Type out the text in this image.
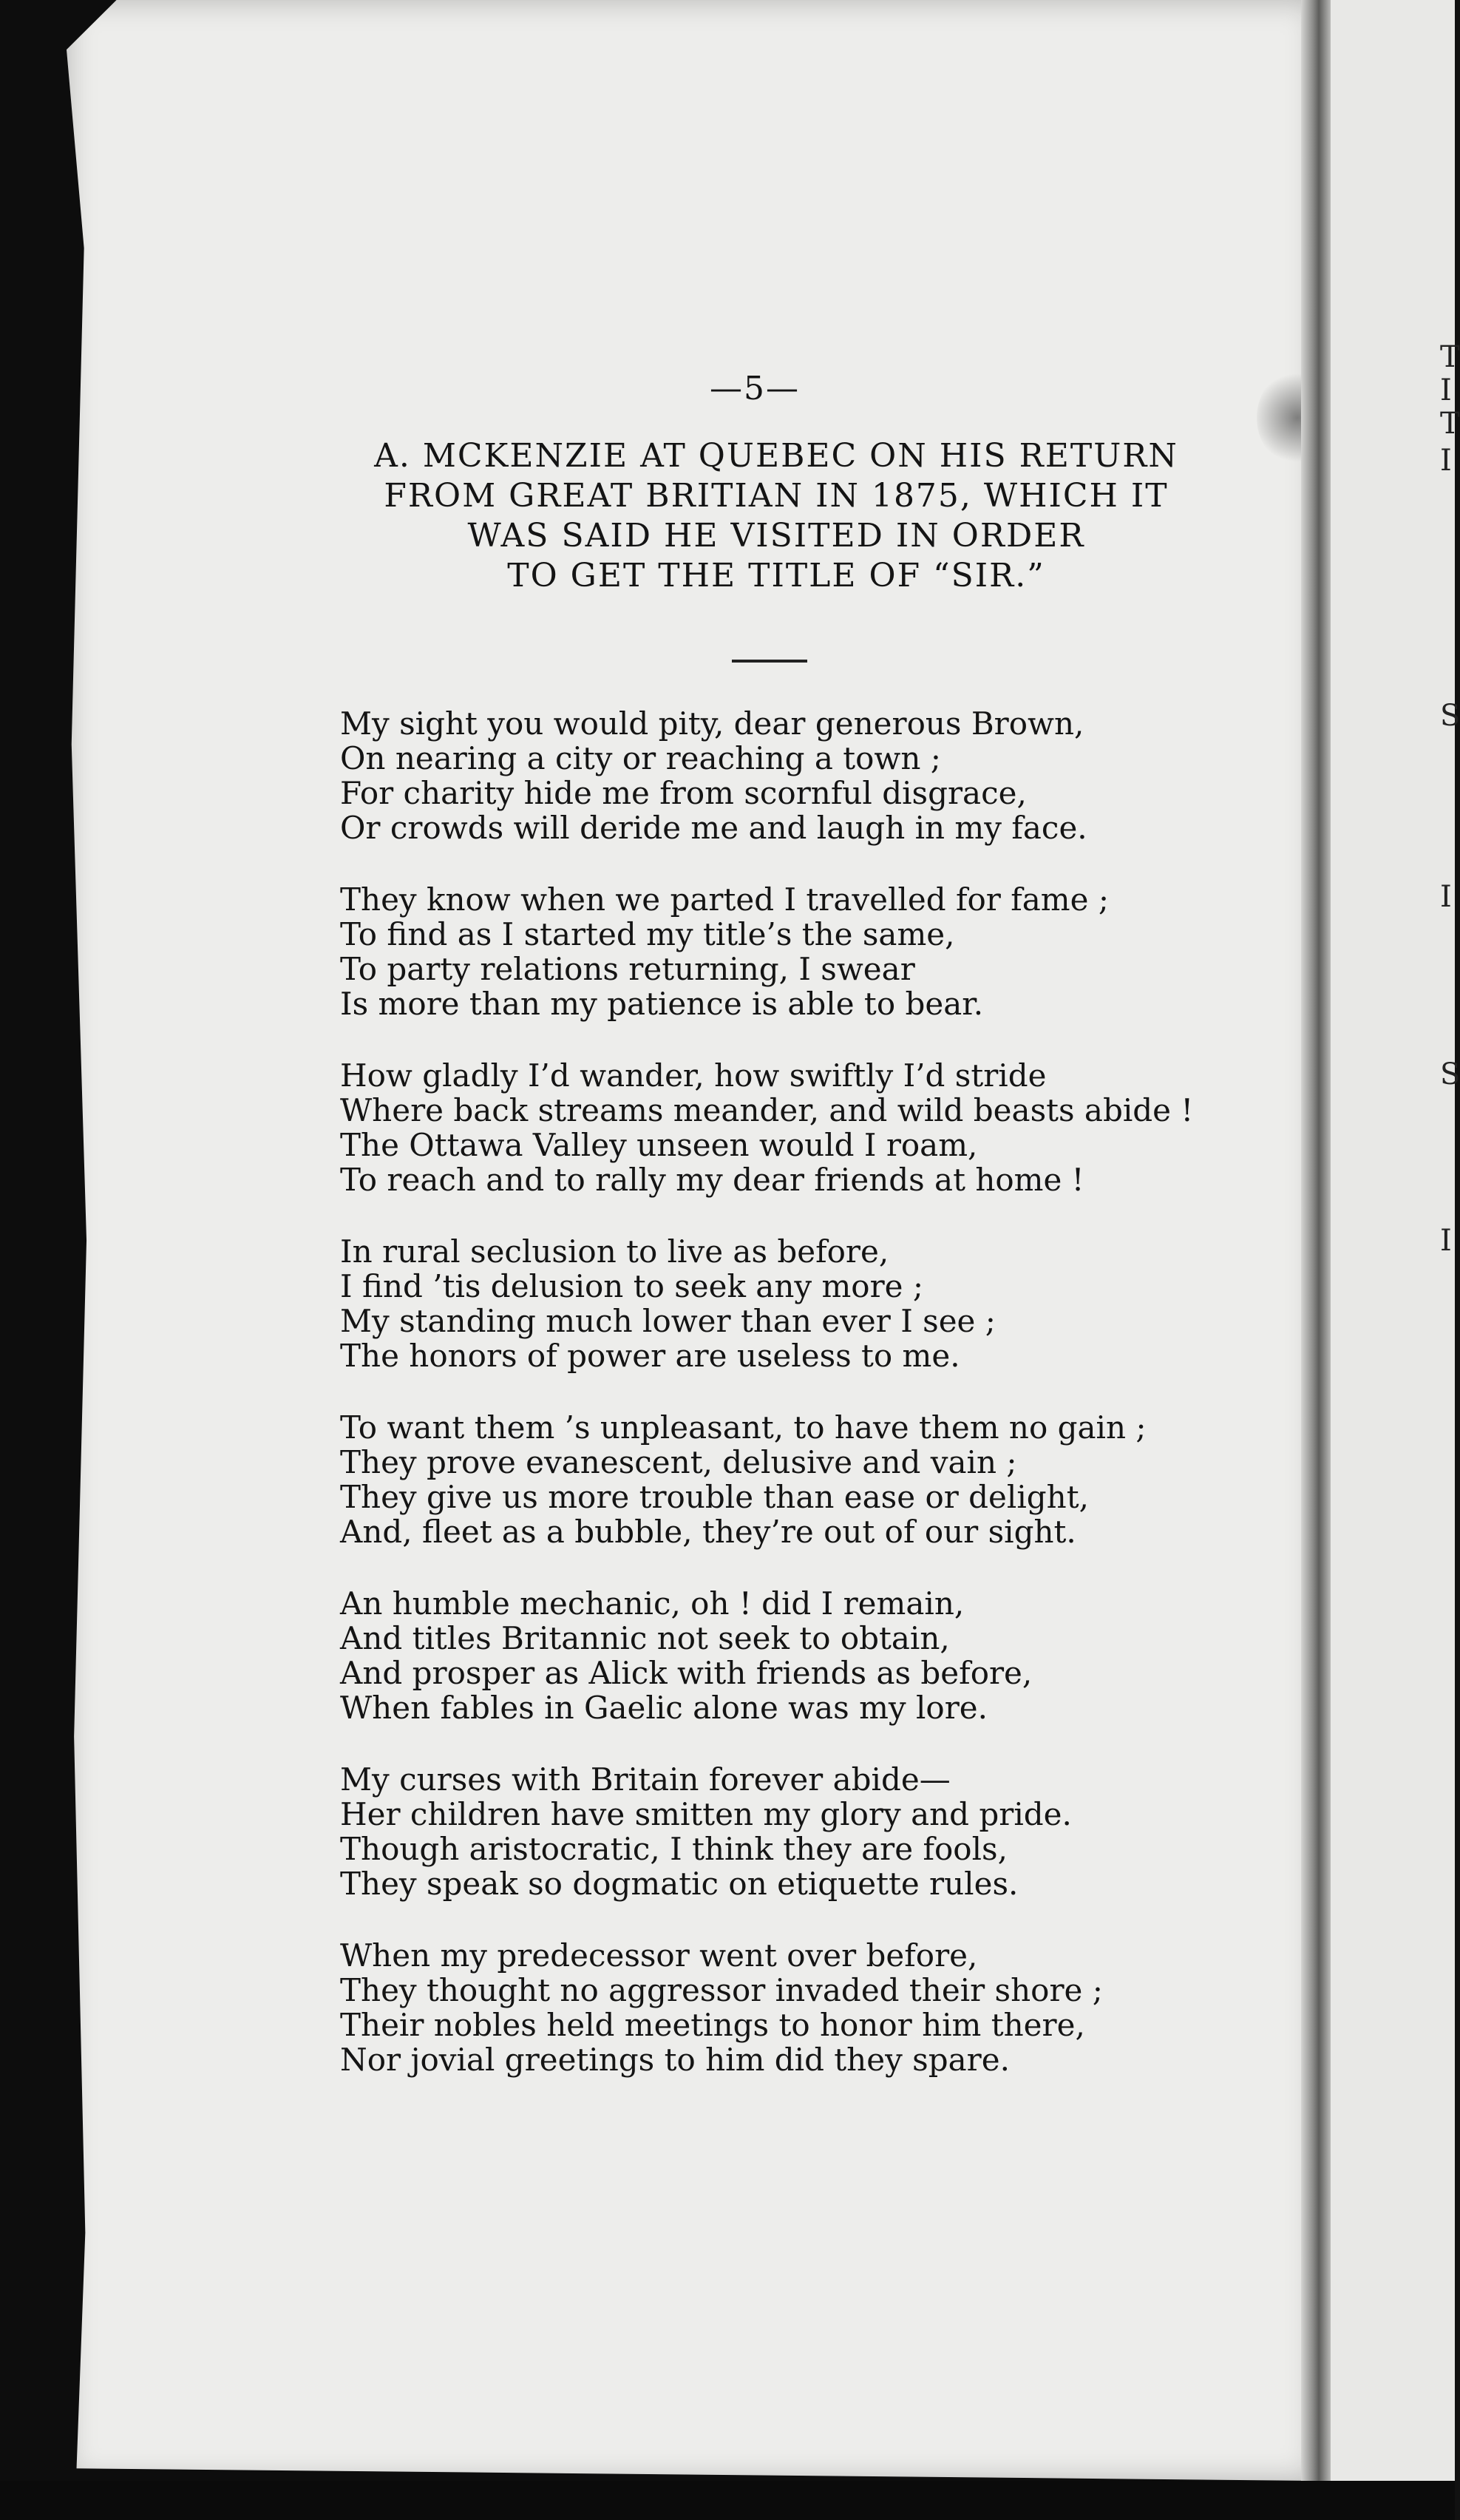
—5—
A. MCKENZIE AT QUEBEC ON HIS RETURN
FROM GREAT BRITIAN IN 1875, WHICH IT
WAS SAID HE VISITED IN ORDER
TO GET THE TITLE OF “SIR.”
My sight you would pity, dear generous Brown,
On nearing a city or reaching a town ;
For charity hide me from scornful disgrace,
Or crowds will deride me and laugh in my face.
They know when we parted I travelled for fame ;
To find as I started my title’s the same,
To party relations returning, I swear
Is more than my patience is able to bear.
How gladly I’d wander, how swiftly I’d stride
Where back streams meander, and wild beasts abide !
The Ottawa Valley unseen would I roam,
To reach and to rally my dear friends at home !
In rural seclusion to live as before,
I find ’tis delusion to seek any more ;
My standing much lower than ever I see ;
The honors of power are useless to me.
To want them ’s unpleasant, to have them no gain ;
They prove evanescent, delusive and vain ;
They give us more trouble than ease or delight,
And, fleet as a bubble, they’re out of our sight.
An humble mechanic, oh ! did I remain,
And titles Britannic not seek to obtain,
And prosper as Alick with friends as before,
When fables in Gaelic alone was my lore.
My curses with Britain forever abide—
Her children have smitten my glory and pride.
Though aristocratic, I think they are fools,
They speak so dogmatic on etiquette rules.
When my predecessor went over before,
They thought no aggressor invaded their shore ;
Their nobles held meetings to honor him there,
Nor jovial greetings to him did they spare.
T
I
T
I
S
I
S
I
